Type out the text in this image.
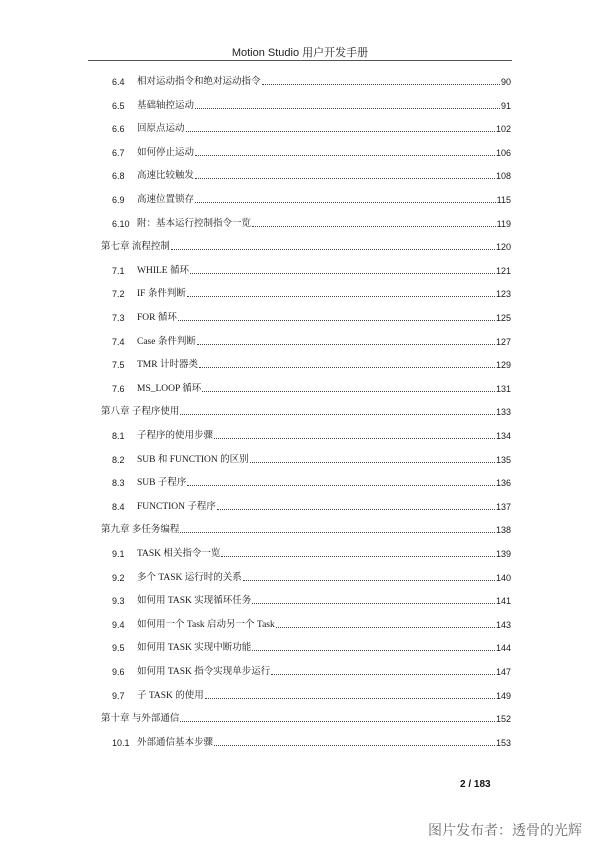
Motion Studio 用户开发手册
6.4	相对运动指令和绝对运动指令	90
6.5	基础轴控运动	91
6.6	回原点运动	102
6.7	如何停止运动	106
6.8	高速比较触发	108
6.9	高速位置锁存	115
6.10 附：基本运行控制指令一览	119
第七章 流程控制	120
7.1	WHILE 循环	121
7.2	IF 条件判断	123
7.3	FOR 循环	125
7.4	Case 条件判断	127
7.5	TMR 计时器类	129
7.6	MS_LOOP 循环	131
第八章 子程序使用	133
8.1	子程序的使用步骤	134
8.2	SUB 和 FUNCTION 的区别	135
8.3	SUB 子程序	136
8.4	FUNCTION 子程序	137
第九章 多任务编程	138
9.1	TASK 相关指令一览	139
9.2	多个 TASK 运行时的关系	140
9.3	如何用 TASK 实现循环任务	141
9.4	如何用一个 Task 启动另一个 Task	143
9.5	如何用 TASK 实现中断功能	144
9.6	如何用 TASK 指令实现单步运行	147
9.7	子 TASK 的使用	149
第十章 与外部通信	152
10.1 外部通信基本步骤	153
2 / 183
图片发布者：透骨的光辉
